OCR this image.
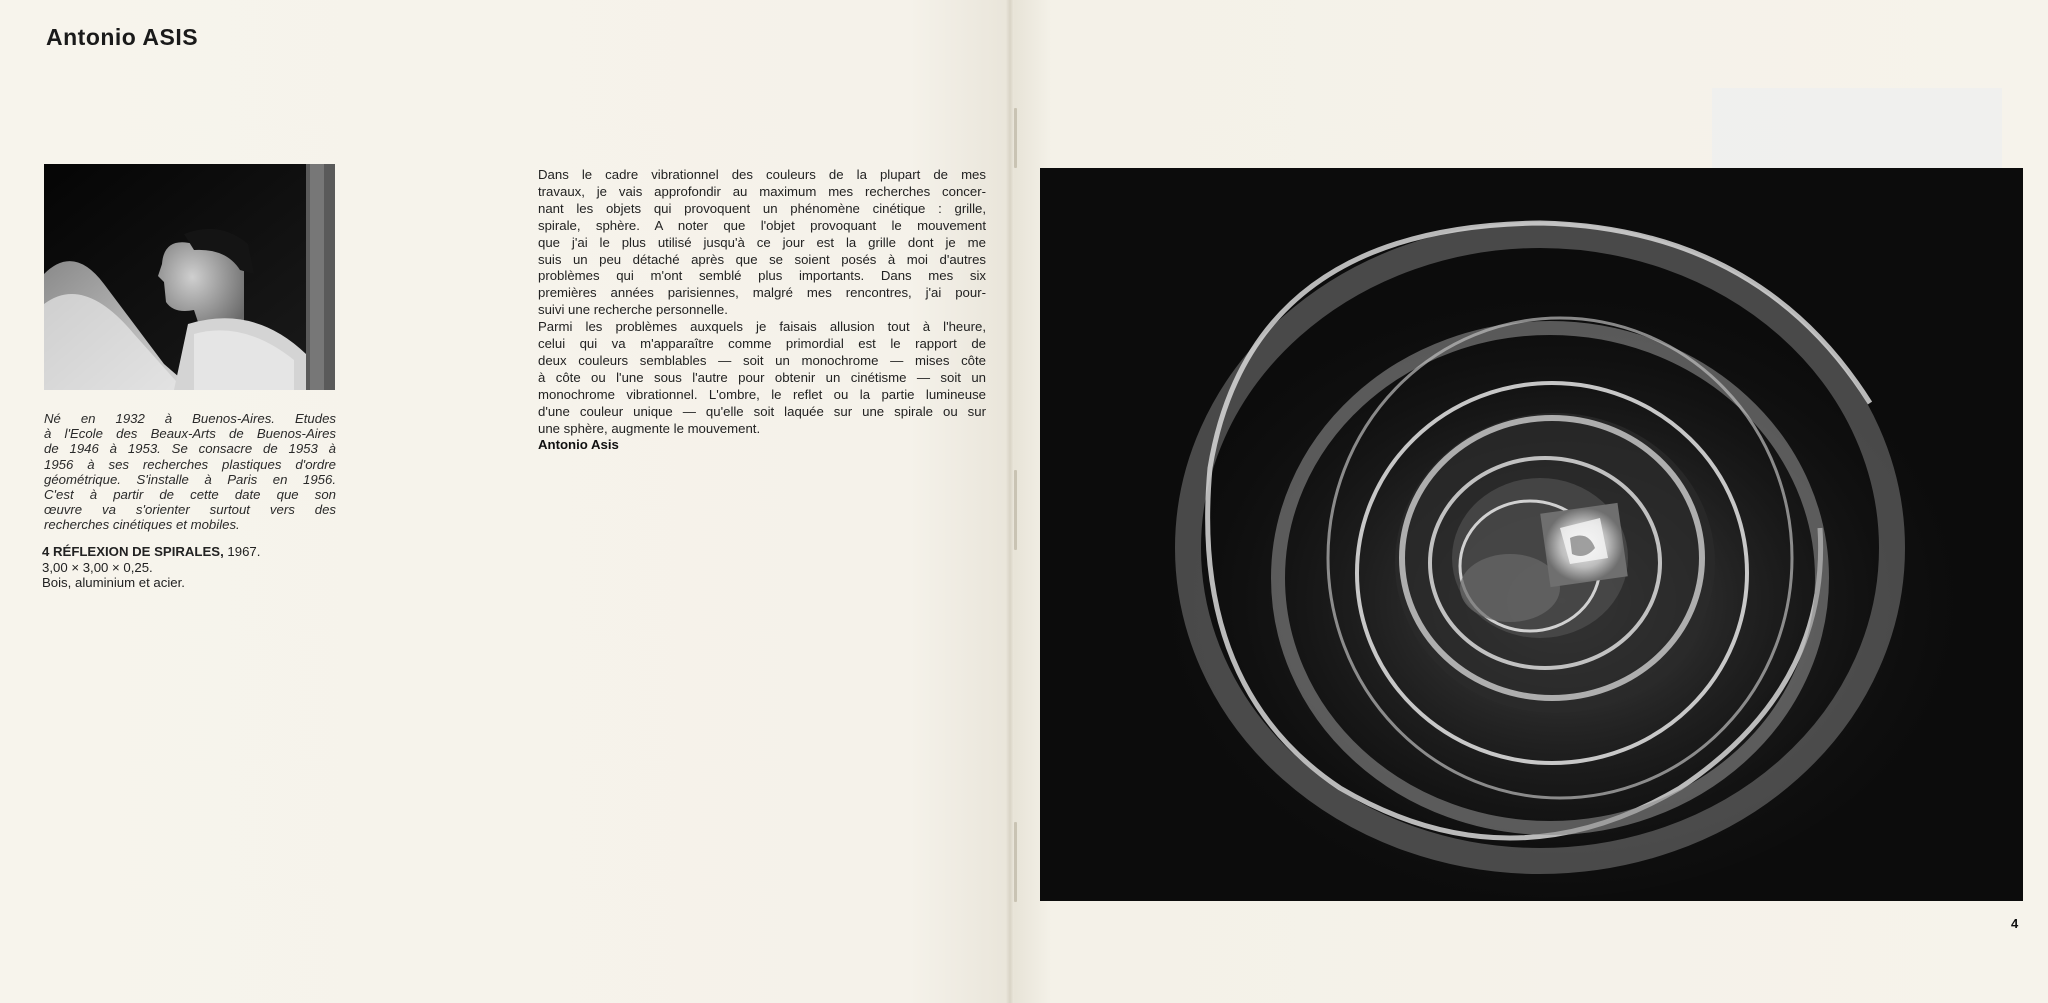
Antonio ASIS
Né en 1932 à Buenos-Aires. Etudes
à l'Ecole des Beaux-Arts de Buenos-Aires
de 1946 à 1953. Se consacre de 1953 à
1956 à ses recherches plastiques d'ordre
géométrique. S'installe à Paris en 1956.
C'est à partir de cette date que son
œuvre va s'orienter surtout vers des
recherches cinétiques et mobiles.
4 RÉFLEXION DE SPIRALES, 1967.
3,00 × 3,00 × 0,25.
Bois, aluminium et acier.
Dans le cadre vibrationnel des couleurs de la plupart de mes
travaux, je vais approfondir au maximum mes recherches concer-
nant les objets qui provoquent un phénomène cinétique : grille,
spirale, sphère. A noter que l'objet provoquant le mouvement
que j'ai le plus utilisé jusqu'à ce jour est la grille dont je me
suis un peu détaché après que se soient posés à moi d'autres
problèmes qui m'ont semblé plus importants. Dans mes six
premières années parisiennes, malgré mes rencontres, j'ai pour-
suivi une recherche personnelle.
Parmi les problèmes auxquels je faisais allusion tout à l'heure,
celui qui va m'apparaître comme primordial est le rapport de
deux couleurs semblables — soit un monochrome — mises côte
à côte ou l'une sous l'autre pour obtenir un cinétisme — soit un
monochrome vibrationnel. L'ombre, le reflet ou la partie lumineuse
d'une couleur unique — qu'elle soit laquée sur une spirale ou sur
une sphère, augmente le mouvement.
Antonio Asis
4
